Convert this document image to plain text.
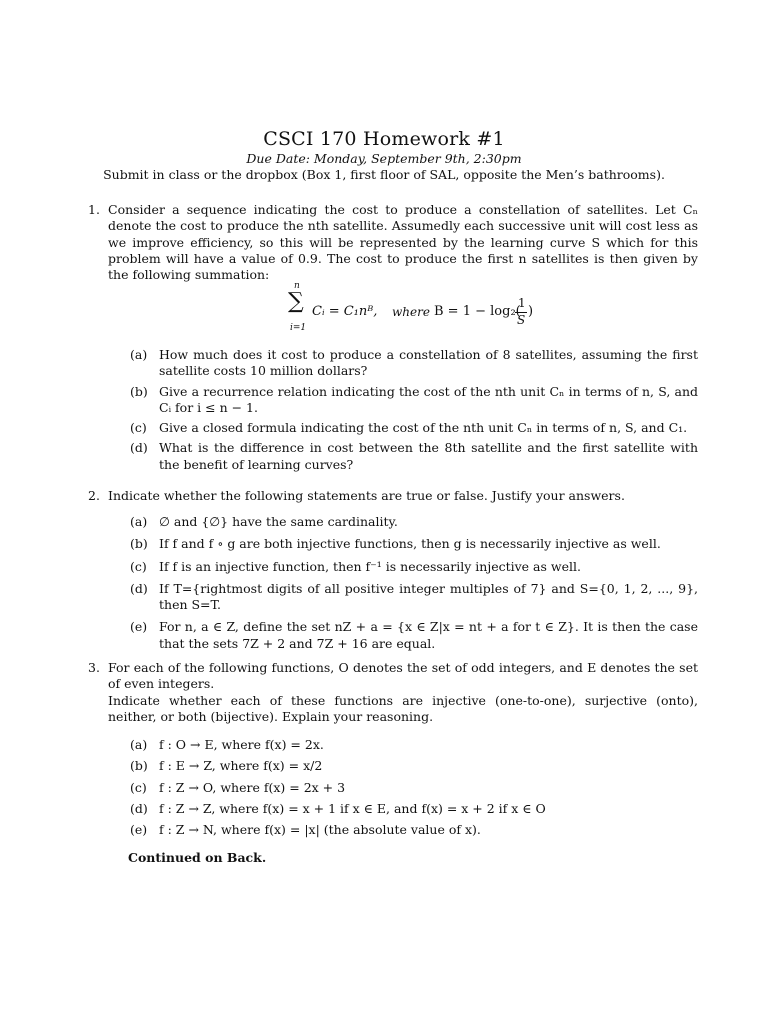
CSCI 170 Homework #1
Due Date: Monday, September 9th, 2:30pm
Submit in class or the dropbox (Box 1, first floor of SAL, opposite the Men’s bathrooms).
1. Consider a sequence indicating the cost to produce a constellation of satellites. Let Cₙ denote the cost to produce the nth satellite. Assumedly each successive unit will cost less as we improve efficiency, so this will be represented by the learning curve S which for this problem will have a value of 0.9. The cost to produce the first n satellites is then given by the following summation:
n
∑
i=1
Cᵢ = C₁nᴮ, where B = 1 − log₂(
1
S
)
(a) How much does it cost to produce a constellation of 8 satellites, assuming the first satellite costs 10 million dollars?
(b) Give a recurrence relation indicating the cost of the nth unit Cₙ in terms of n, S, and Cᵢ for i ≤ n − 1.
(c) Give a closed formula indicating the cost of the nth unit Cₙ in terms of n, S, and C₁.
(d) What is the difference in cost between the 8th satellite and the first satellite with the benefit of learning curves?
2. Indicate whether the following statements are true or false. Justify your answers.
(a) ∅ and {∅} have the same cardinality.
(b) If f and f ∘ g are both injective functions, then g is necessarily injective as well.
(c) If f is an injective function, then f⁻¹ is necessarily injective as well.
(d) If T={rightmost digits of all positive integer multiples of 7} and S={0, 1, 2, ..., 9}, then S=T.
(e) For n, a ∈ Z, define the set nZ + a = {x ∈ Z|x = nt + a for t ∈ Z}. It is then the case that the sets 7Z + 2 and 7Z + 16 are equal.
3. For each of the following functions, O denotes the set of odd integers, and E denotes the set of even integers.
Indicate whether each of these functions are injective (one-to-one), surjective (onto), neither, or both (bijective). Explain your reasoning.
(a) f : O → E, where f(x) = 2x.
(b) f : E → Z, where f(x) = x/2
(c) f : Z → O, where f(x) = 2x + 3
(d) f : Z → Z, where f(x) = x + 1 if x ∈ E, and f(x) = x + 2 if x ∈ O
(e) f : Z → N, where f(x) = |x| (the absolute value of x).
Continued on Back.
